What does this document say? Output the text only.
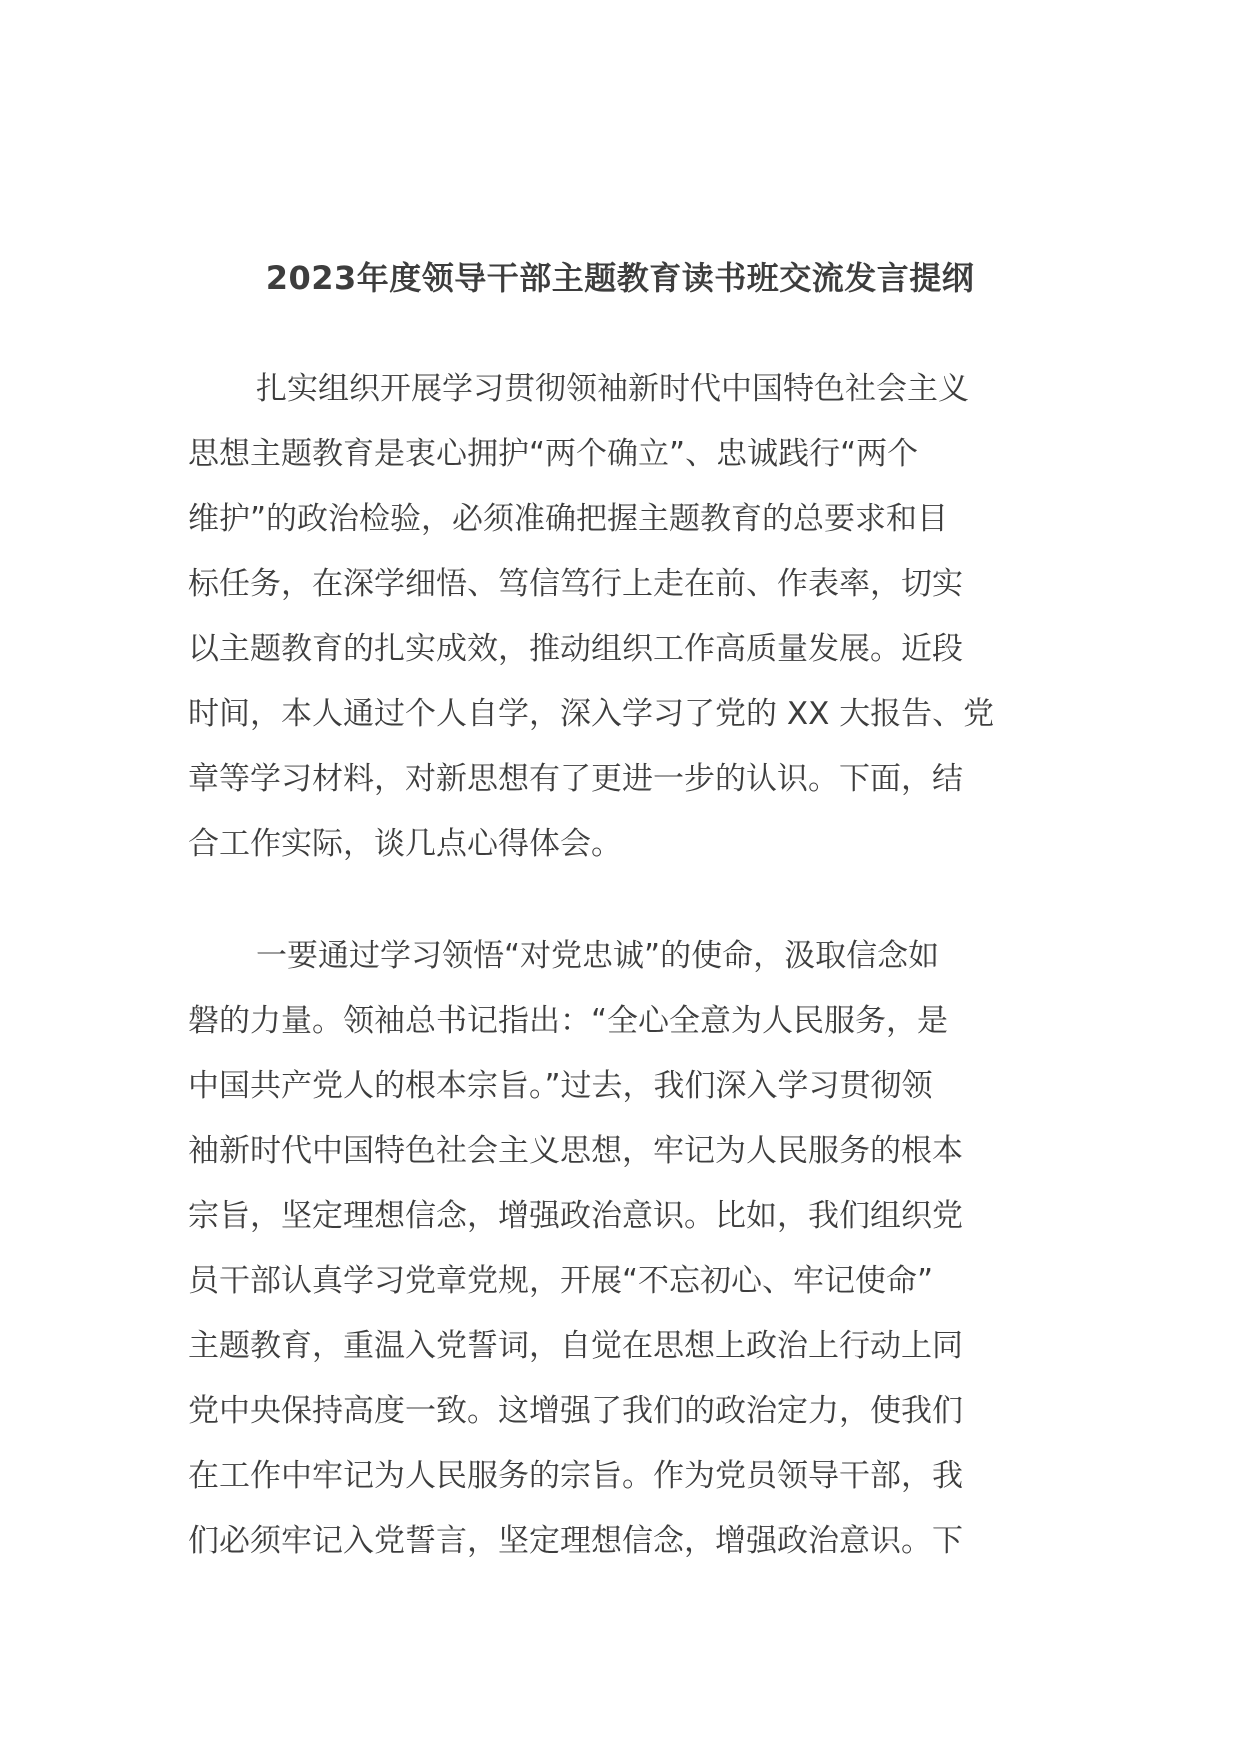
2023年度领导干部主题教育读书班交流发言提纲
扎实组织开展学习贯彻领袖新时代中国特色社会主义
思想主题教育是衷心拥护“两个确立”、忠诚践行“两个
维护”的政治检验，必须准确把握主题教育的总要求和目
标任务，在深学细悟、笃信笃行上走在前、作表率，切实
以主题教育的扎实成效，推动组织工作高质量发展。近段
时间，本人通过个人自学，深入学习了党的 XX 大报告、党
章等学习材料，对新思想有了更进一步的认识。下面，结
合工作实际，谈几点心得体会。
一要通过学习领悟“对党忠诚”的使命，汲取信念如
磐的力量。领袖总书记指出：“全心全意为人民服务，是
中国共产党人的根本宗旨。”过去，我们深入学习贯彻领
袖新时代中国特色社会主义思想，牢记为人民服务的根本
宗旨，坚定理想信念，增强政治意识。比如，我们组织党
员干部认真学习党章党规，开展“不忘初心、牢记使命”
主题教育，重温入党誓词，自觉在思想上政治上行动上同
党中央保持高度一致。这增强了我们的政治定力，使我们
在工作中牢记为人民服务的宗旨。作为党员领导干部，我
们必须牢记入党誓言，坚定理想信念，增强政治意识。下
